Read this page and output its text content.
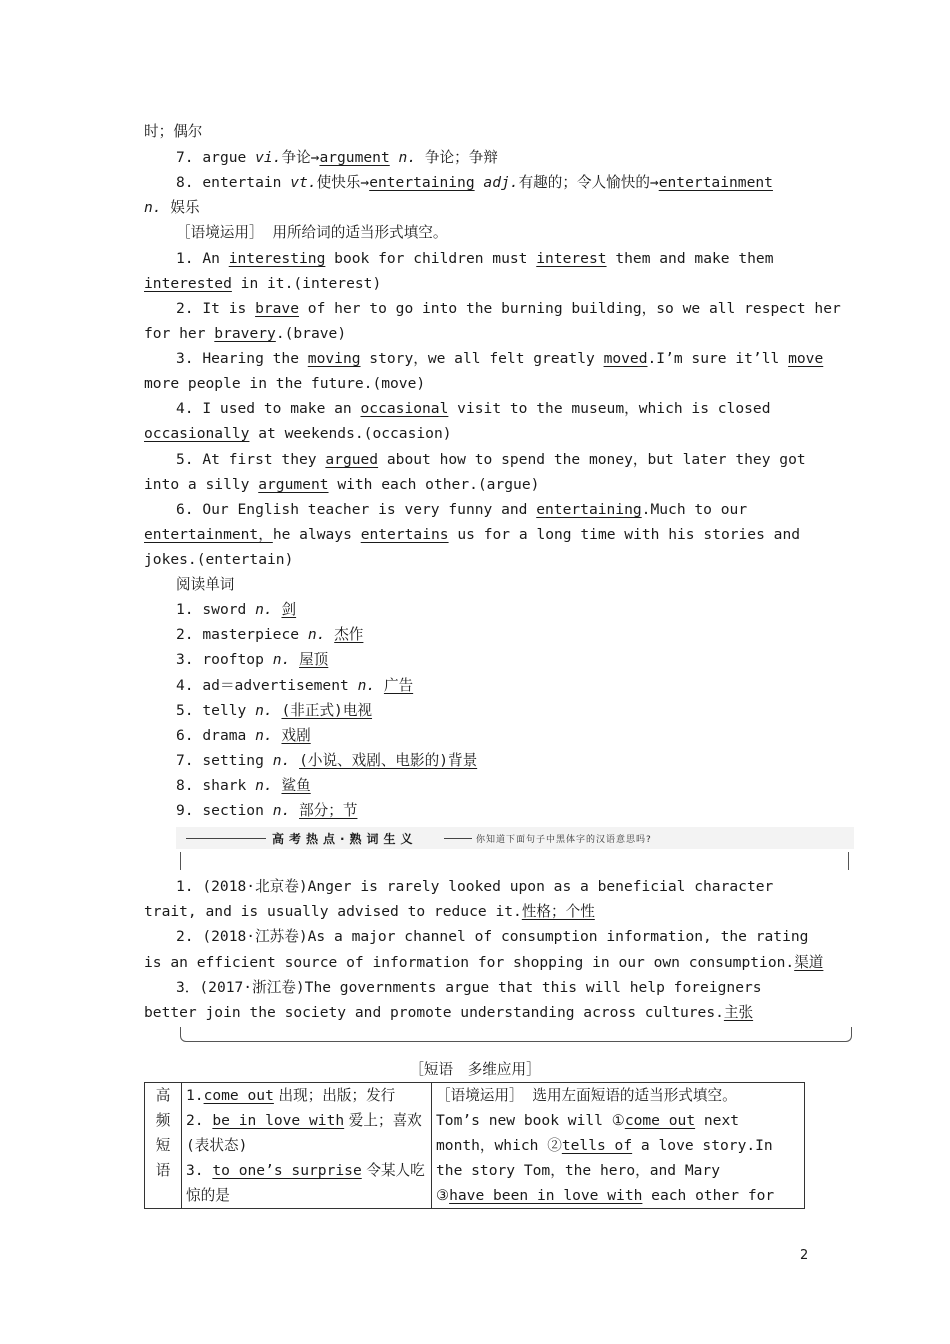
时；偶尔
7. argue vi.争论→argument n. 争论；争辩
8. entertain vt.使快乐→entertaining adj.有趣的；令人愉快的→entertainment
n. 娱乐
［语境运用］ 用所给词的适当形式填空。
1. An interesting book for children must interest them and make them
interested in it.(interest)
2. It is brave of her to go into the burning building，so we all respect her
for her bravery.(brave)
3. Hearing the moving story，we all felt greatly moved.I’m sure it’ll move
more people in the future.(move)
4. I used to make an occasional visit to the museum，which is closed
occasionally at weekends.(occasion)
5. At first they argued about how to spend the money，but later they got
into a silly argument with each other.(argue)
6. Our English teacher is very funny and entertaining.Much to our
entertainment，he always entertains us for a long time with his stories and
jokes.(entertain)
阅读单词
1. sword n. 剑
2. masterpiece n. 杰作
3. rooftop n. 屋顶
4. ad＝advertisement n. 广告
5. telly n. (非正式)电视
6. drama n. 戏剧
7. setting n. (小说、戏剧、电影的)背景
8. shark n. 鲨鱼
9. section n. 部分；节
高考热点·熟词生义	你知道下面句子中黑体字的汉语意思吗?
1. (2018·北京卷)Anger is rarely looked upon as a beneficial character
trait, and is usually advised to reduce it.性格；个性
2. (2018·江苏卷)As a major channel of consumption information, the rating
is an efficient source of information for shopping in our own consumption.渠道
3．(2017·浙江卷)The governments argue that this will help foreigners
better join the society and promote understanding across cultures.主张
［短语　多维应用］
高
频
短
语

1.come out 出现；出版；发行
2. be in love with 爱上；喜欢
(表状态)
3. to one’s surprise 令某人吃
惊的是

［语境运用］ 选用左面短语的适当形式填空。
Tom’s new book will ①come out next
month，which ②tells of a love story.In
the story Tom，the hero，and Mary
③have been in love with each other for
2
